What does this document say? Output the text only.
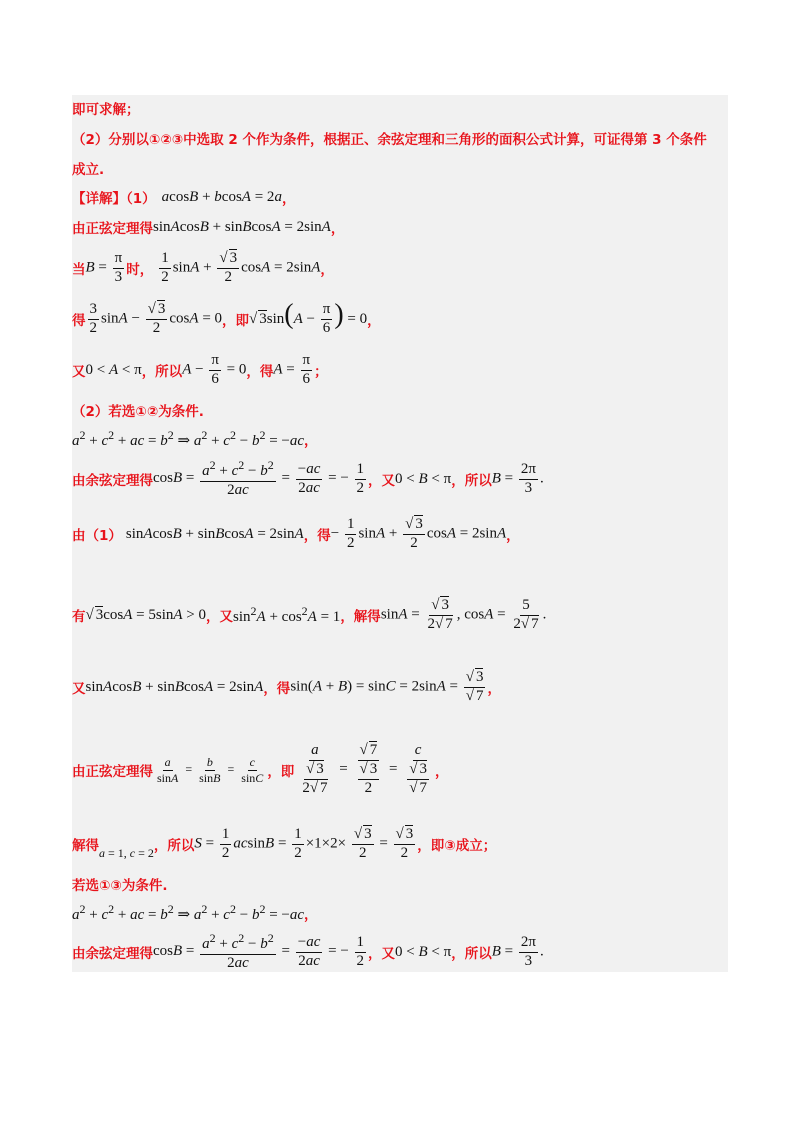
即可求解；
（2）分别以①②③中选取 2 个作为条件，根据正、余弦定理和三角形的面积公式计算，可证得第 3 个条件
成立.
【详解】（1） acosB + bcosA = 2a ，
由正弦定理得 sinAcosB + sinBcosA = 2sinA ，
当 $B = \frac{\pi}{3}$ 时， $\frac{1}{2}$ $\sin A + \frac{√ 3}{2}$ cosA = 2sinA ，
得 $\frac{3}{2}$ $\sin A - \frac{√ 3}{2}$ cosA = 0 ，即 √ $3\sin(A - \frac{\pi}{6}$ ) = 0 ，
又 0 < A < π ，所以 $A - \frac{\pi}{6} = 0$ ，得 $A = \frac{\pi}{6}$ ；
（2）若选①②为条件.
$a^2 + c^2$ + ac = $b^2$ ⇒ $a^2 + c^2 - b^2 = -ac$ ，
由余弦定理得 $\cos B = \frac{a^2 + c^2 - b^2}{2ac} = \frac{-ac}{2ac}$ = − $\frac{1}{2}$ ，又 0 < B < π ，所以 $B = \frac{2\pi}{3}$ .
由（1） sinAcosB + sinBcosA = 2sinA ，得 − $\frac{1}{2}$ $\sin A + \frac{√ 3}{2}$ cosA = 2sinA ，
有 √ 3cosA = 5sinA > 0 ，又 $\sin^2A + \cos^2A = 1$ ，解得 $\sin A = \frac{√ 3}{2√ 7}$ , $\cos A = \frac{5}{2√ 7}$ .
又 sinAcosB + sinBcosA = 2sinA ，得 $\sin(A + B) = \sin C = 2\sin A = \frac{√ 3}{√ 7}$ ，
由正弦定理得 $\frac{a}{\sin A} = \frac{b}{\sin B} = \frac{c}{\sin C}$ ，即 $\frac{a}{\frac{√ 3}{2√ 7}} = \frac{√ 7}{\frac{√ 3}{2}} = \frac{c}{\frac{√ 3}{√ 7}}$ ，
解得 a = 1, c = 2 ，所以 $S = \frac{1}{2}$ $acsinB = \frac{1}{2} \times 1\times 2\times \frac{√ 3}{2} = \frac{√ 3}{2}$ ，即③成立；
若选①③为条件.
$a^2 + c^2$ + ac = $b^2$ ⇒ $a^2 + c^2 - b^2 = -ac$ ，
由余弦定理得 $\cos B = \frac{a^2 + c^2 - b^2}{2ac} = \frac{-ac}{2ac}$ = − $\frac{1}{2}$ ，又 0 < B < π ，所以 $B = \frac{2\pi}{3}$ .
